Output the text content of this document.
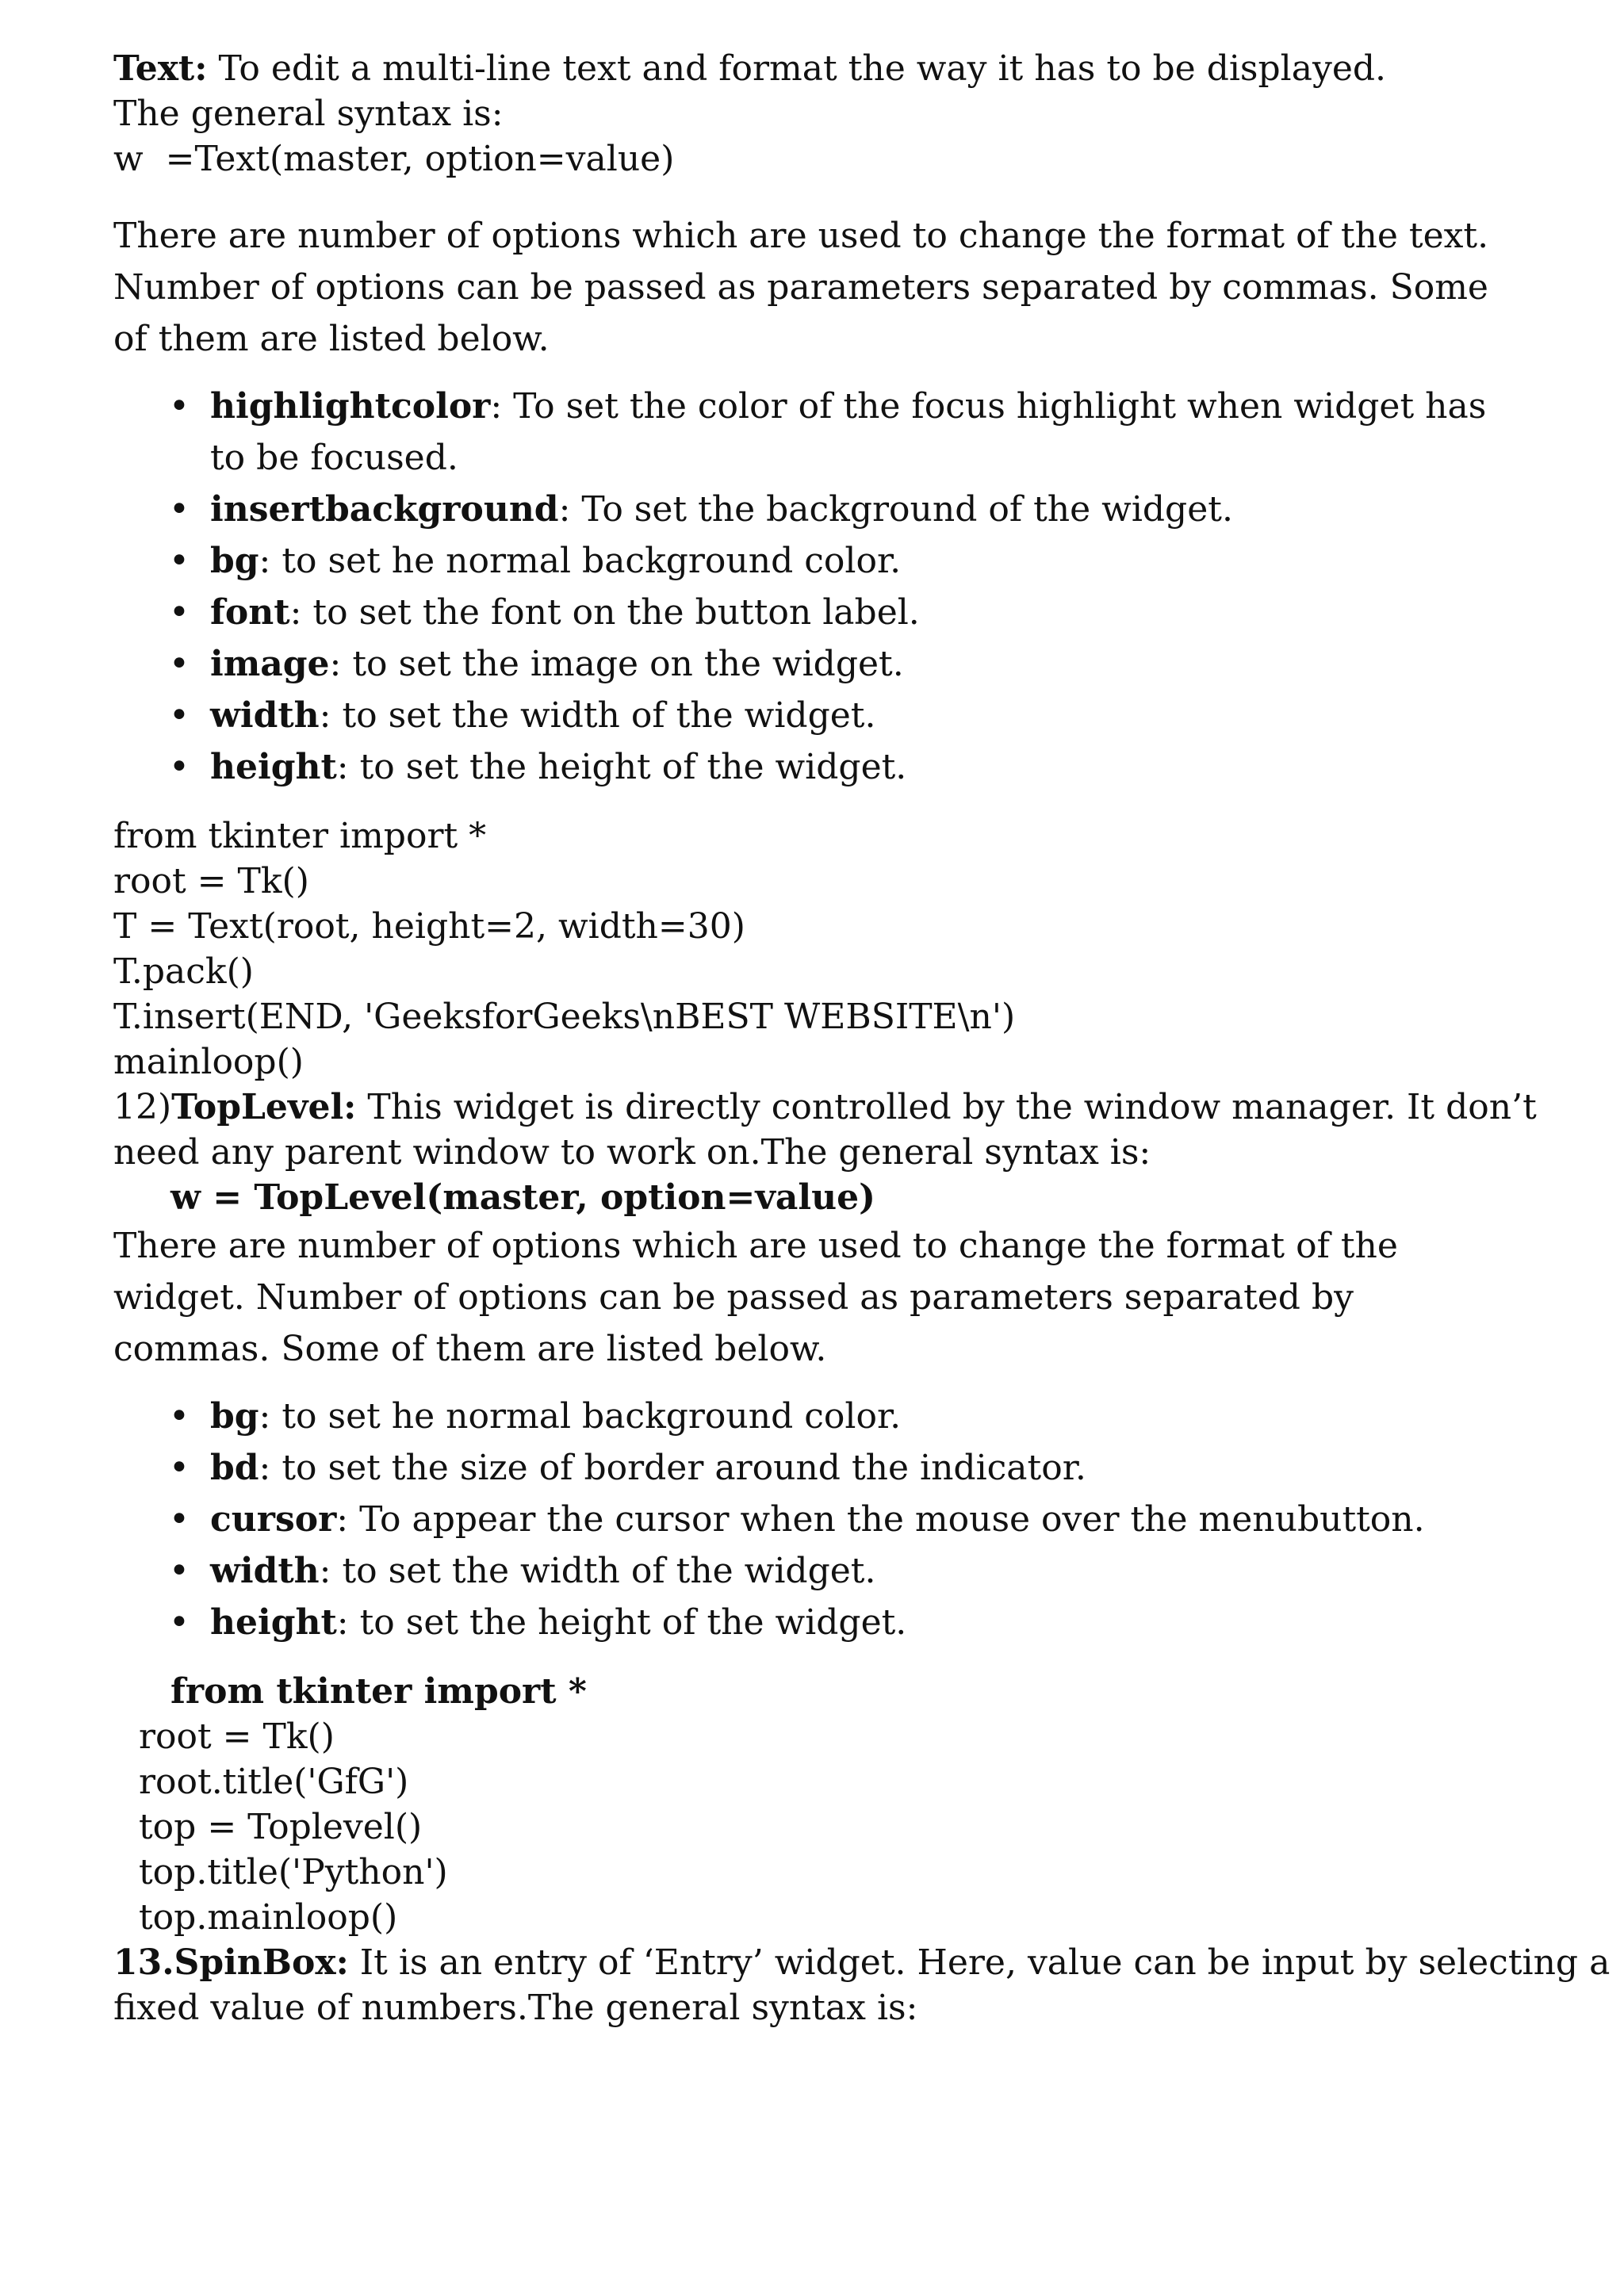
Text: To edit a multi-line text and format the way it has to be displayed.
The general syntax is:
w  =Text(master, option=value)

There are number of options which are used to change the format of the text. Number of options can be passed as parameters separated by commas. Some of them are listed below.

• highlightcolor: To set the color of the focus highlight when widget has to be focused.
• insertbackground: To set the background of the widget.
• bg: to set he normal background color.
• font: to set the font on the button label.
• image: to set the image on the widget.
• width: to set the width of the widget.
• height: to set the height of the widget.
from tkinter import *
root = Tk()
T = Text(root, height=2, width=30)
T.pack()
T.insert(END, 'GeeksforGeeks\nBEST WEBSITE\n')
mainloop()
12)TopLevel: This widget is directly controlled by the window manager. It don’t
need any parent window to work on.The general syntax is:
w = TopLevel(master, option=value)

There are number of options which are used to change the format of the widget. Number of options can be passed as parameters separated by commas. Some of them are listed below.

• bg: to set he normal background color.
• bd: to set the size of border around the indicator.
• cursor: To appear the cursor when the mouse over the menubutton.
• width: to set the width of the widget.
• height: to set the height of the widget.
from tkinter import *
root = Tk()
root.title('GfG')
top = Toplevel()
top.title('Python')
top.mainloop()
13.SpinBox: It is an entry of ‘Entry’ widget. Here, value can be input by selecting a
fixed value of numbers.The general syntax is:
